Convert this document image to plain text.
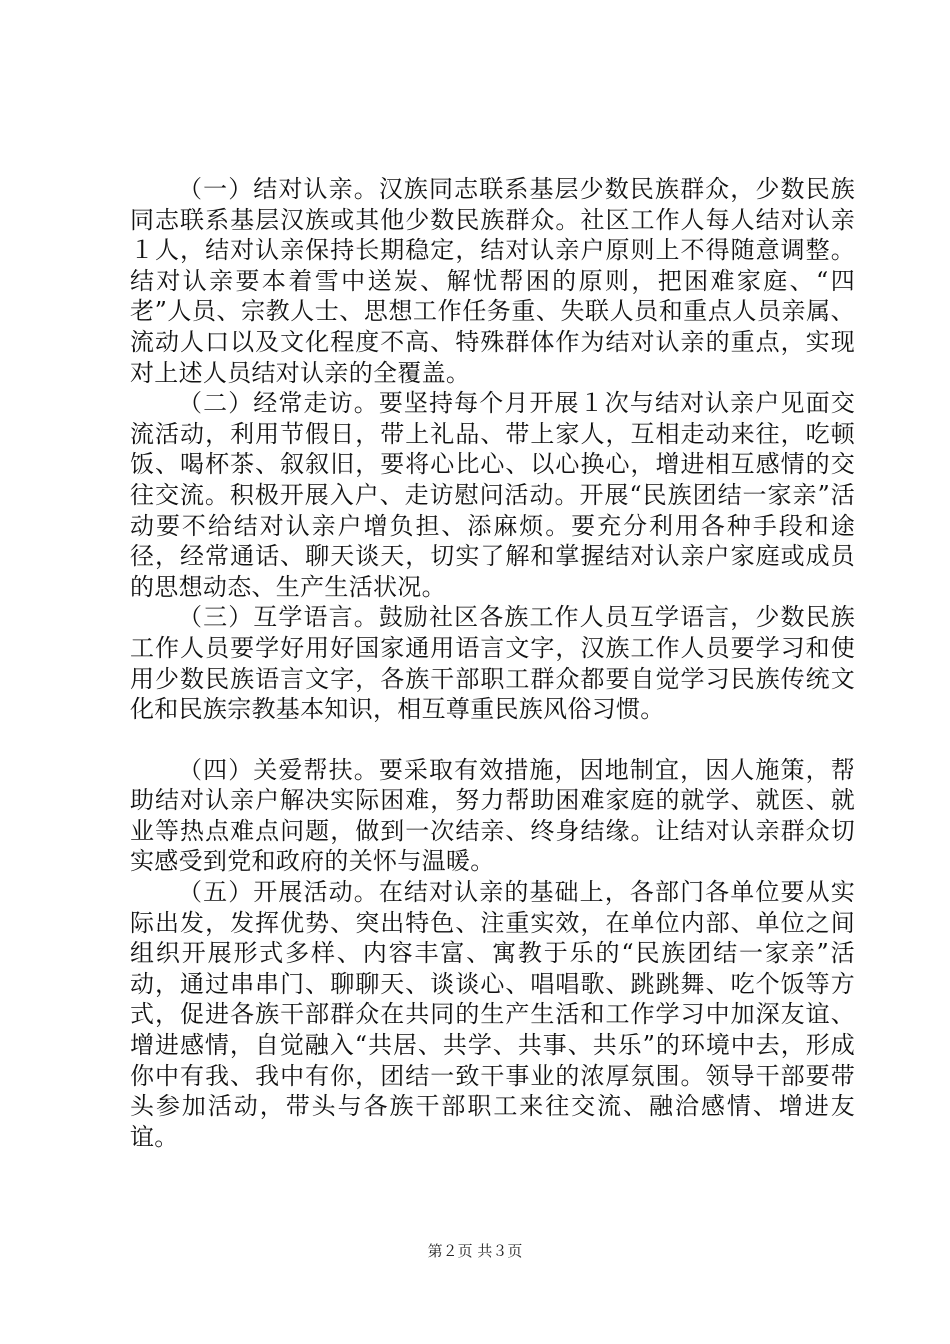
（一）结对认亲。汉族同志联系基层少数民族群众，少数民族同志联系基层汉族或其他少数民族群众。社区工作人每人结对认亲１人，结对认亲保持长期稳定，结对认亲户原则上不得随意调整。结对认亲要本着雪中送炭、解忧帮困的原则，把困难家庭、“四老”人员、宗教人士、思想工作任务重、失联人员和重点人员亲属、流动人口以及文化程度不高、特殊群体作为结对认亲的重点，实现对上述人员结对认亲的全覆盖。

（二）经常走访。要坚持每个月开展１次与结对认亲户见面交流活动，利用节假日，带上礼品、带上家人，互相走动来往，吃顿饭、喝杯茶、叙叙旧，要将心比心、以心换心，增进相互感情的交往交流。积极开展入户、走访慰问活动。开展“民族团结一家亲”活动要不给结对认亲户增负担、添麻烦。要充分利用各种手段和途径，经常通话、聊天谈天，切实了解和掌握结对认亲户家庭或成员的思想动态、生产生活状况。

（三）互学语言。鼓励社区各族工作人员互学语言，少数民族工作人员要学好用好国家通用语言文字，汉族工作人员要学习和使用少数民族语言文字，各族干部职工群众都要自觉学习民族传统文化和民族宗教基本知识，相互尊重民族风俗习惯。

（四）关爱帮扶。要采取有效措施，因地制宜，因人施策，帮助结对认亲户解决实际困难，努力帮助困难家庭的就学、就医、就业等热点难点问题，做到一次结亲、终身结缘。让结对认亲群众切实感受到党和政府的关怀与温暖。

（五）开展活动。在结对认亲的基础上，各部门各单位要从实际出发，发挥优势、突出特色、注重实效，在单位内部、单位之间组织开展形式多样、内容丰富、寓教于乐的“民族团结一家亲”活动，通过串串门、聊聊天、谈谈心、唱唱歌、跳跳舞、吃个饭等方式，促进各族干部群众在共同的生产生活和工作学习中加深友谊、增进感情，自觉融入“共居、共学、共事、共乐”的环境中去，形成你中有我、我中有你，团结一致干事业的浓厚氛围。领导干部要带头参加活动，带头与各族干部职工来往交流、融洽感情、增进友谊。

第２页 共３页
